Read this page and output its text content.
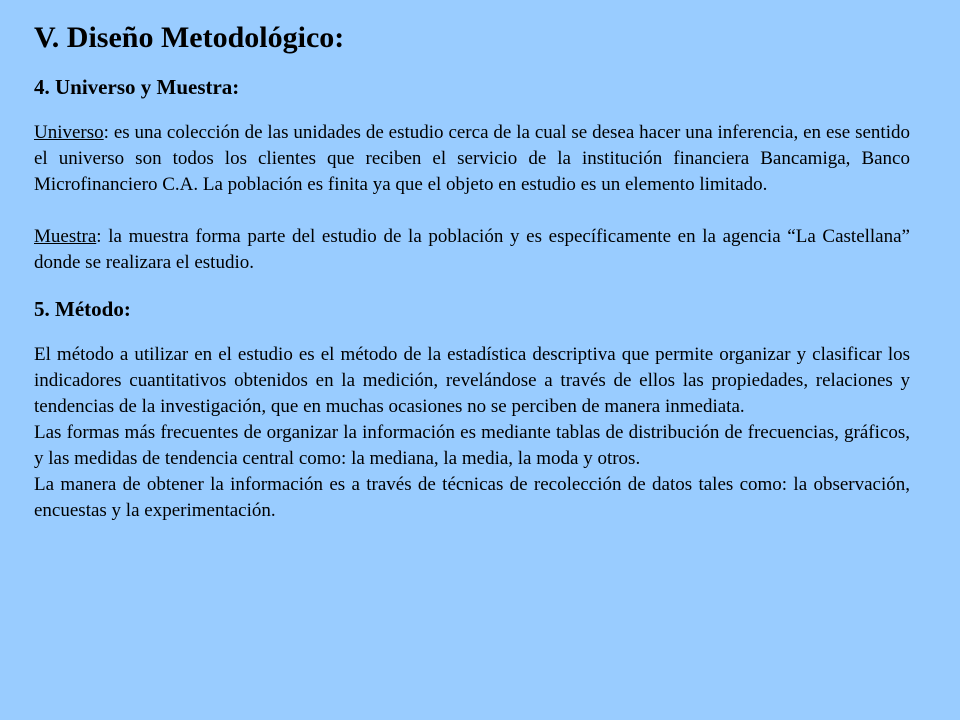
V. Diseño Metodológico:
4. Universo y Muestra:

Universo: es una colección de las unidades de estudio cerca de la cual se desea hacer una inferencia, en ese sentido el universo son todos los clientes que reciben el servicio de la institución financiera Bancamiga, Banco Microfinanciero C.A. La población es finita ya que el objeto en estudio es un elemento limitado.

Muestra: la muestra forma parte del estudio de la población y es específicamente en la agencia “La Castellana” donde se realizara el estudio.

5. Método:

El método a utilizar en el estudio es el método de la estadística descriptiva que permite organizar y clasificar los indicadores cuantitativos obtenidos en la medición, revelándose a través de ellos las propiedades, relaciones y tendencias de la investigación, que en muchas ocasiones no se perciben de manera inmediata.

Las formas más frecuentes de organizar la información es mediante tablas de distribución de frecuencias, gráficos, y las medidas de tendencia central como: la mediana, la media, la moda y otros.

La manera de obtener la información es a través de técnicas de recolección de datos tales como: la observación, encuestas y la experimentación.
